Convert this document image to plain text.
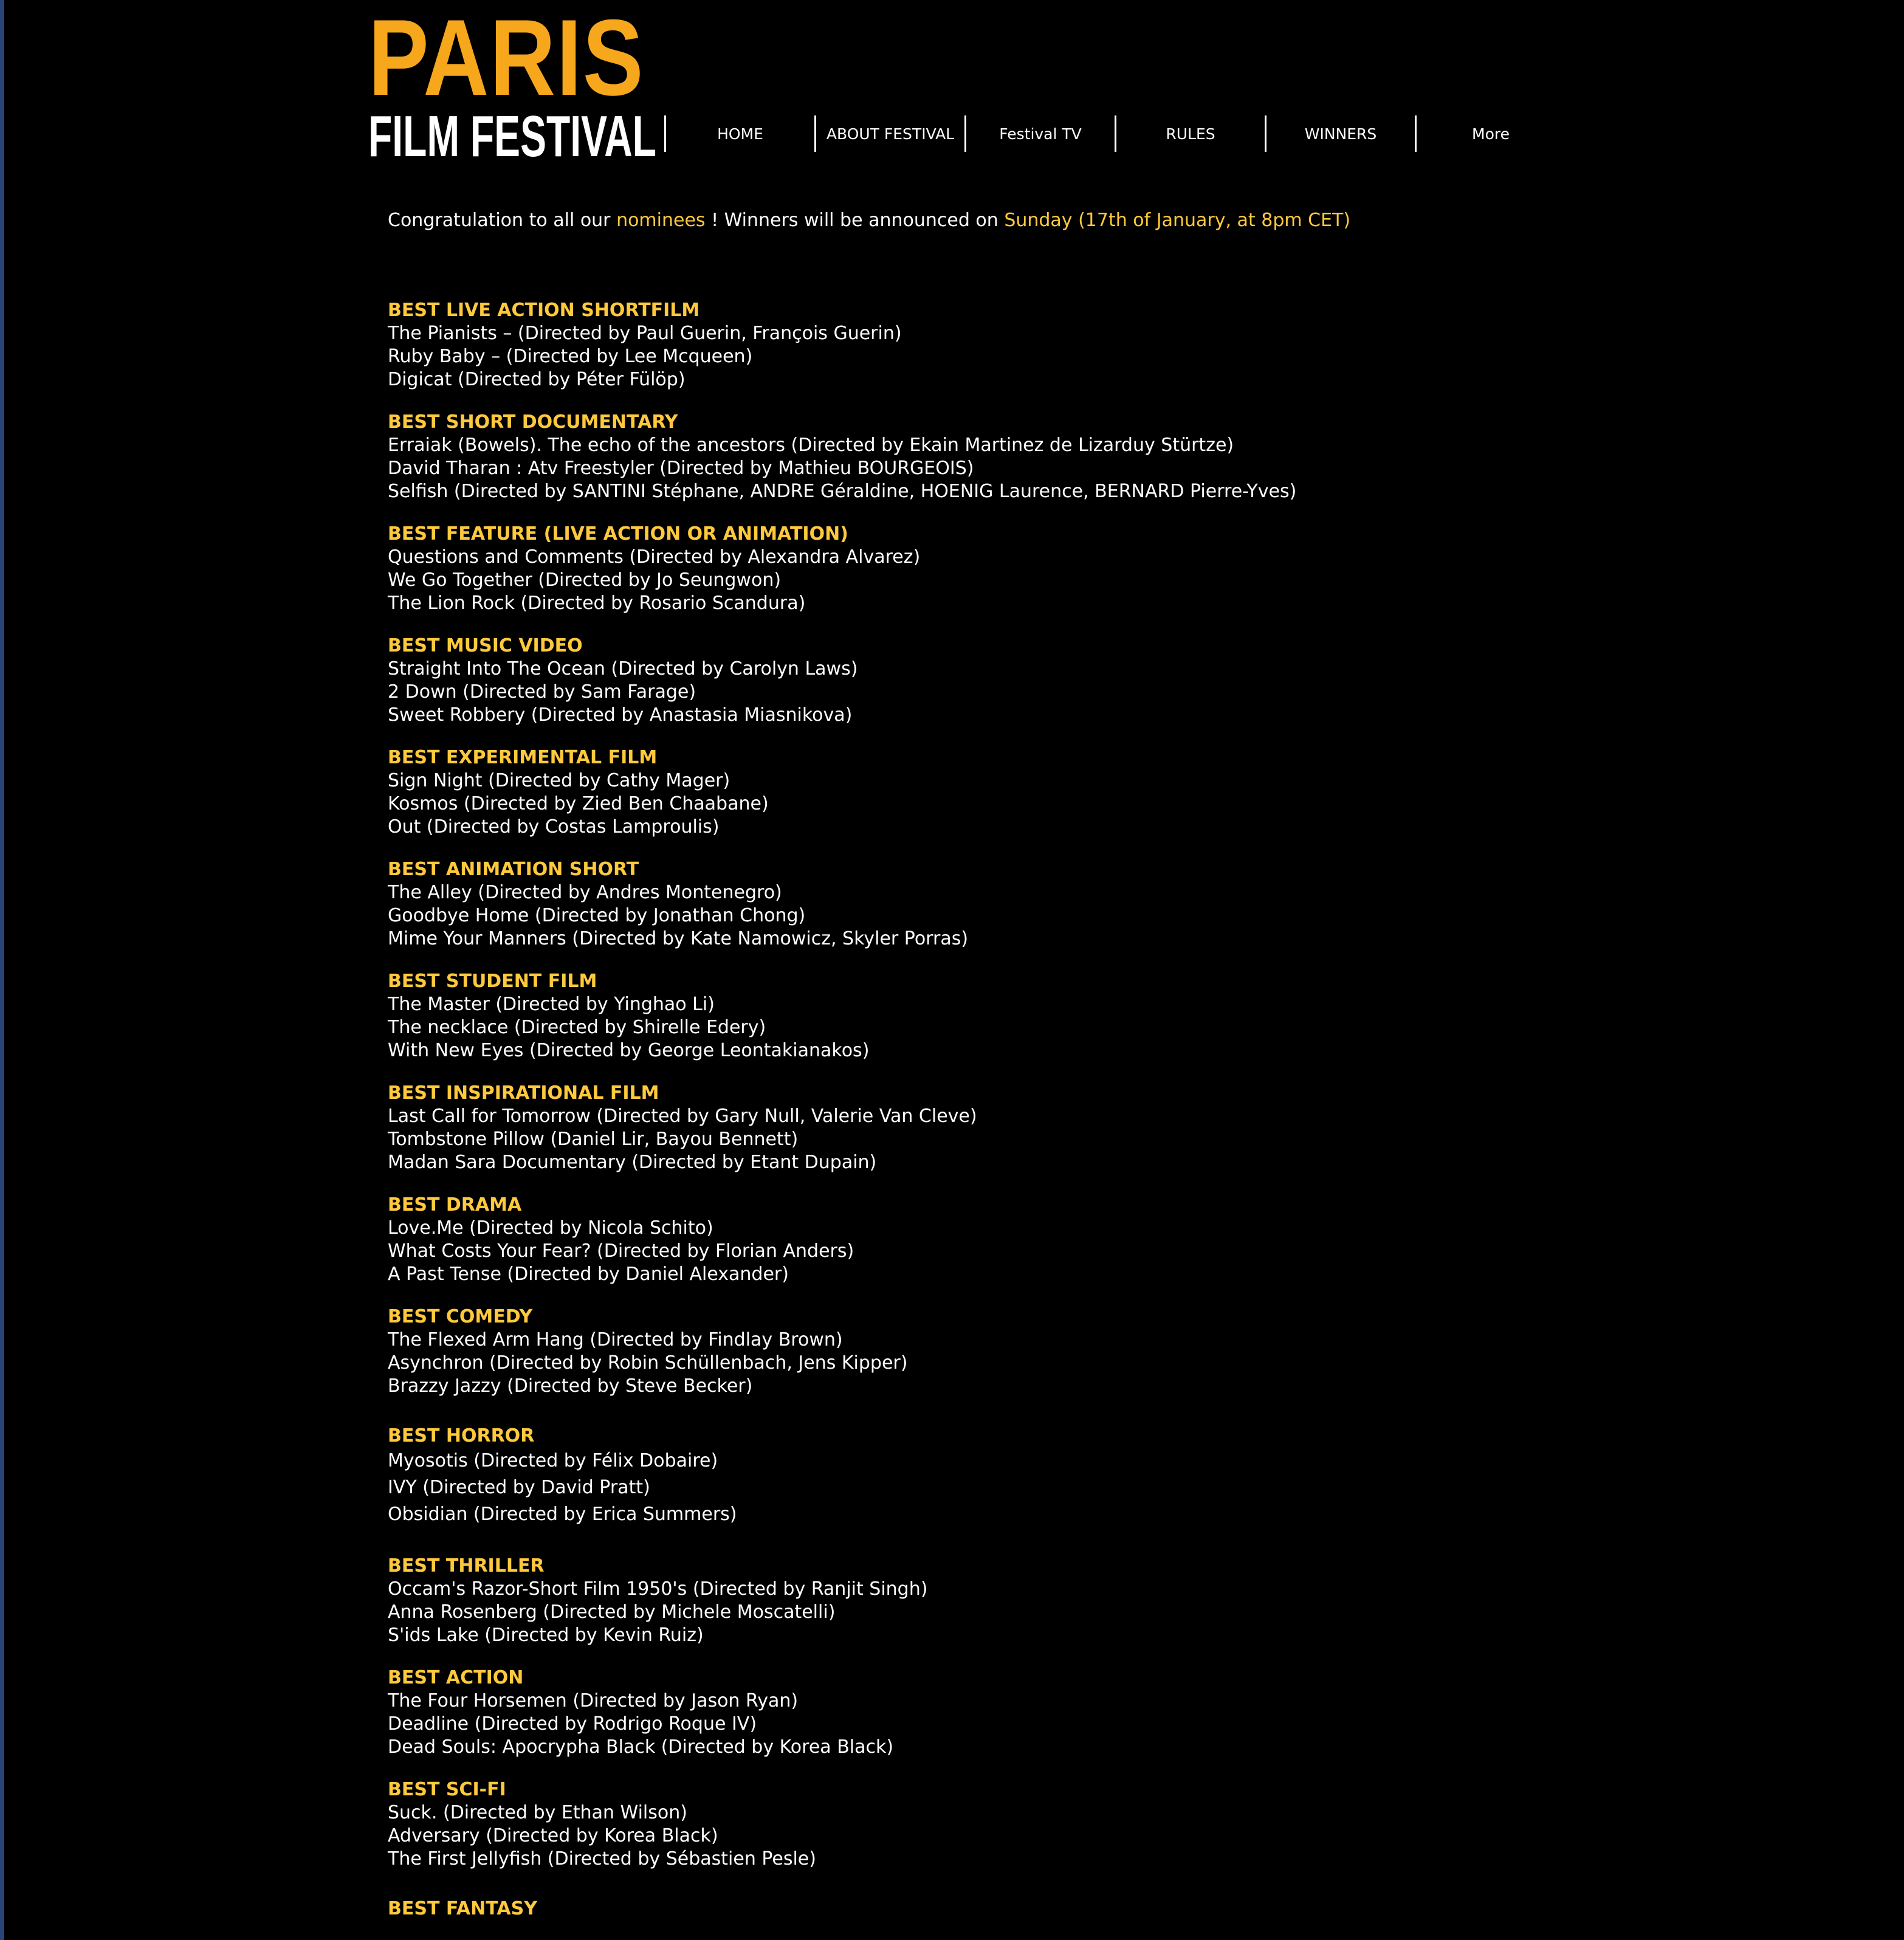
PARIS
FILM FESTIVAL	HOME	ABOUT FESTIVAL	Festival TV	RULES	WINNERS	More

Congratulation to all our nominees ! Winners will be announced on Sunday (17th of January, at 8pm CET)

BEST LIVE ACTION SHORTFILM
The Pianists – (Directed by Paul Guerin, François Guerin)
Ruby Baby – (Directed by Lee Mcqueen)
Digicat (Directed by Péter Fülöp)
BEST SHORT DOCUMENTARY
Erraiak (Bowels). The echo of the ancestors (Directed by Ekain Martinez de Lizarduy Stürtze)
David Tharan : Atv Freestyler (Directed by Mathieu BOURGEOIS)
Selfish (Directed by SANTINI Stéphane, ANDRE Géraldine, HOENIG Laurence, BERNARD Pierre-Yves)
BEST FEATURE (LIVE ACTION OR ANIMATION)
Questions and Comments (Directed by Alexandra Alvarez)
We Go Together (Directed by Jo Seungwon)
The Lion Rock (Directed by Rosario Scandura)
BEST MUSIC VIDEO
Straight Into The Ocean (Directed by Carolyn Laws)
2 Down (Directed by Sam Farage)
Sweet Robbery (Directed by Anastasia Miasnikova)
BEST EXPERIMENTAL FILM
Sign Night (Directed by Cathy Mager)
Kosmos (Directed by Zied Ben Chaabane)
Out (Directed by Costas Lamproulis)
BEST ANIMATION SHORT
The Alley (Directed by Andres Montenegro)
Goodbye Home (Directed by Jonathan Chong)
Mime Your Manners (Directed by Kate Namowicz, Skyler Porras)
BEST STUDENT FILM
The Master (Directed by Yinghao Li)
The necklace (Directed by Shirelle Edery)
With New Eyes (Directed by George Leontakianakos)
BEST INSPIRATIONAL FILM
Last Call for Tomorrow (Directed by Gary Null, Valerie Van Cleve)
Tombstone Pillow (Daniel Lir, Bayou Bennett)
Madan Sara Documentary (Directed by Etant Dupain)
BEST DRAMA
Love.Me (Directed by Nicola Schito)
What Costs Your Fear? (Directed by Florian Anders)
A Past Tense (Directed by Daniel Alexander)
BEST COMEDY
The Flexed Arm Hang (Directed by Findlay Brown)
Asynchron (Directed by Robin Schüllenbach, Jens Kipper)
Brazzy Jazzy (Directed by Steve Becker)
BEST HORROR
Myosotis (Directed by Félix Dobaire)
IVY (Directed by David Pratt)
Obsidian (Directed by Erica Summers)
BEST THRILLER
Occam's Razor-Short Film 1950's (Directed by Ranjit Singh)
Anna Rosenberg (Directed by Michele Moscatelli)
S'ids Lake (Directed by Kevin Ruiz)
BEST ACTION
The Four Horsemen (Directed by Jason Ryan)
Deadline (Directed by Rodrigo Roque IV)
Dead Souls: Apocrypha Black (Directed by Korea Black)
BEST SCI-FI
Suck. (Directed by Ethan Wilson)
Adversary (Directed by Korea Black)
The First Jellyfish (Directed by Sébastien Pesle)
BEST FANTASY
